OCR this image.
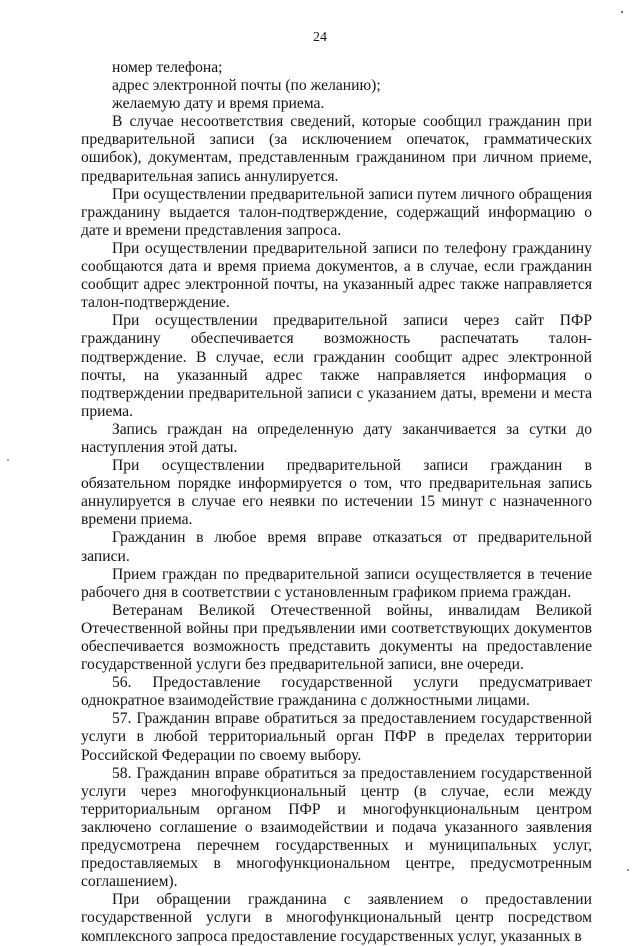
24

номер телефона;

адрес электронной почты (по желанию);

желаемую дату и время приема.

В случае несоответствия сведений, которые сообщил гражданин при предварительной записи (за исключением опечаток, грамматических ошибок), документам, представленным гражданином при личном приеме, предварительная запись аннулируется.

При осуществлении предварительной записи путем личного обращения гражданину выдается талон-подтверждение, содержащий информацию о дате и времени представления запроса.

При осуществлении предварительной записи по телефону гражданину сообщаются дата и время приема документов, а в случае, если гражданин сообщит адрес электронной почты, на указанный адрес также направляется талон-подтверждение.

При осуществлении предварительной записи через сайт ПФР гражданину обеспечивается возможность распечатать талон-подтверждение. В случае, если гражданин сообщит адрес электронной почты, на указанный адрес также направляется информация о подтверждении предварительной записи с указанием даты, времени и места приема.

Запись граждан на определенную дату заканчивается за сутки до наступления этой даты.

При осуществлении предварительной записи гражданин в обязательном порядке информируется о том, что предварительная запись аннулируется в случае его неявки по истечении 15 минут с назначенного времени приема.

Гражданин в любое время вправе отказаться от предварительной записи.

Прием граждан по предварительной записи осуществляется в течение рабочего дня в соответствии с установленным графиком приема граждан.

Ветеранам Великой Отечественной войны, инвалидам Великой Отечественной войны при предъявлении ими соответствующих документов обеспечивается возможность представить документы на предоставление государственной услуги без предварительной записи, вне очереди.

56. Предоставление государственной услуги предусматривает однократное взаимодействие гражданина с должностными лицами.

57. Гражданин вправе обратиться за предоставлением государственной услуги в любой территориальный орган ПФР в пределах территории Российской Федерации по своему выбору.

58. Гражданин вправе обратиться за предоставлением государственной услуги через многофункциональный центр (в случае, если между территориальным органом ПФР и многофункциональным центром заключено соглашение о взаимодействии и подача указанного заявления предусмотрена перечнем государственных и муниципальных услуг, предоставляемых в многофункциональном центре, предусмотренным соглашением).

При обращении гражданина с заявлением о предоставлении государственной услуги в многофункциональный центр посредством комплексного запроса предоставление государственных услуг, указанных в
